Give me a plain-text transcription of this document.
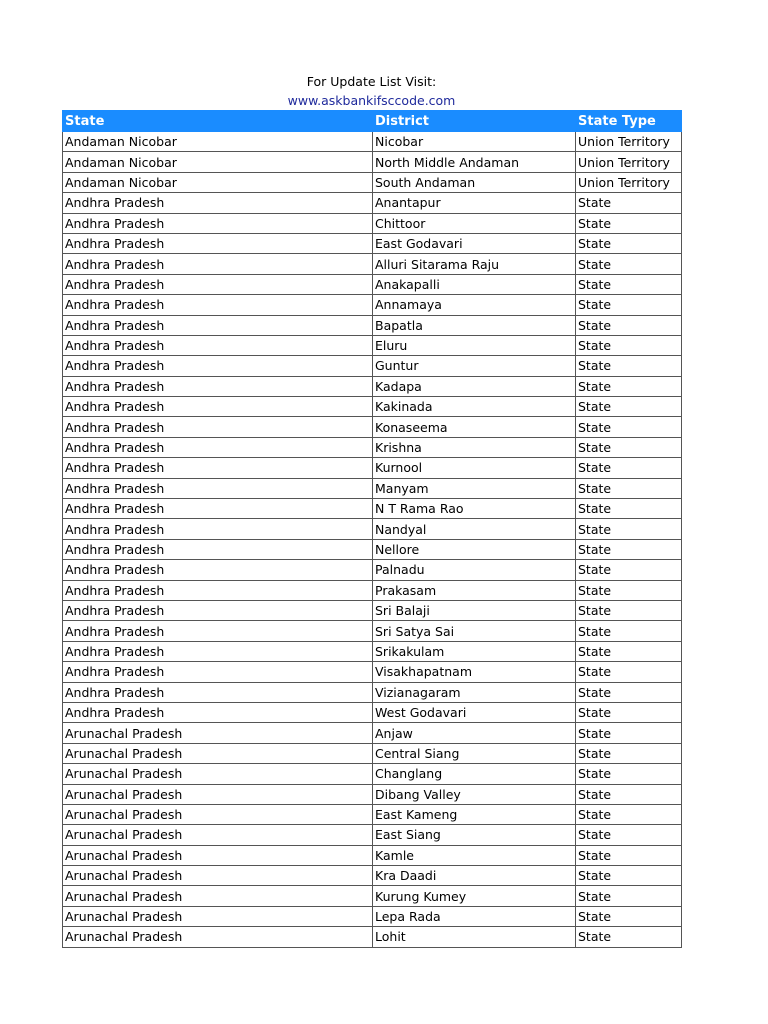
For Update List Visit:
www.askbankifsccode.com
State	District	State Type
Andaman Nicobar	Nicobar	Union Territory
Andaman Nicobar	North Middle Andaman	Union Territory
Andaman Nicobar	South Andaman	Union Territory
Andhra Pradesh	Anantapur	State
Andhra Pradesh	Chittoor	State
Andhra Pradesh	East Godavari	State
Andhra Pradesh	Alluri Sitarama Raju	State
Andhra Pradesh	Anakapalli	State
Andhra Pradesh	Annamaya	State
Andhra Pradesh	Bapatla	State
Andhra Pradesh	Eluru	State
Andhra Pradesh	Guntur	State
Andhra Pradesh	Kadapa	State
Andhra Pradesh	Kakinada	State
Andhra Pradesh	Konaseema	State
Andhra Pradesh	Krishna	State
Andhra Pradesh	Kurnool	State
Andhra Pradesh	Manyam	State
Andhra Pradesh	N T Rama Rao	State
Andhra Pradesh	Nandyal	State
Andhra Pradesh	Nellore	State
Andhra Pradesh	Palnadu	State
Andhra Pradesh	Prakasam	State
Andhra Pradesh	Sri Balaji	State
Andhra Pradesh	Sri Satya Sai	State
Andhra Pradesh	Srikakulam	State
Andhra Pradesh	Visakhapatnam	State
Andhra Pradesh	Vizianagaram	State
Andhra Pradesh	West Godavari	State
Arunachal Pradesh	Anjaw	State
Arunachal Pradesh	Central Siang	State
Arunachal Pradesh	Changlang	State
Arunachal Pradesh	Dibang Valley	State
Arunachal Pradesh	East Kameng	State
Arunachal Pradesh	East Siang	State
Arunachal Pradesh	Kamle	State
Arunachal Pradesh	Kra Daadi	State
Arunachal Pradesh	Kurung Kumey	State
Arunachal Pradesh	Lepa Rada	State
Arunachal Pradesh	Lohit	State
